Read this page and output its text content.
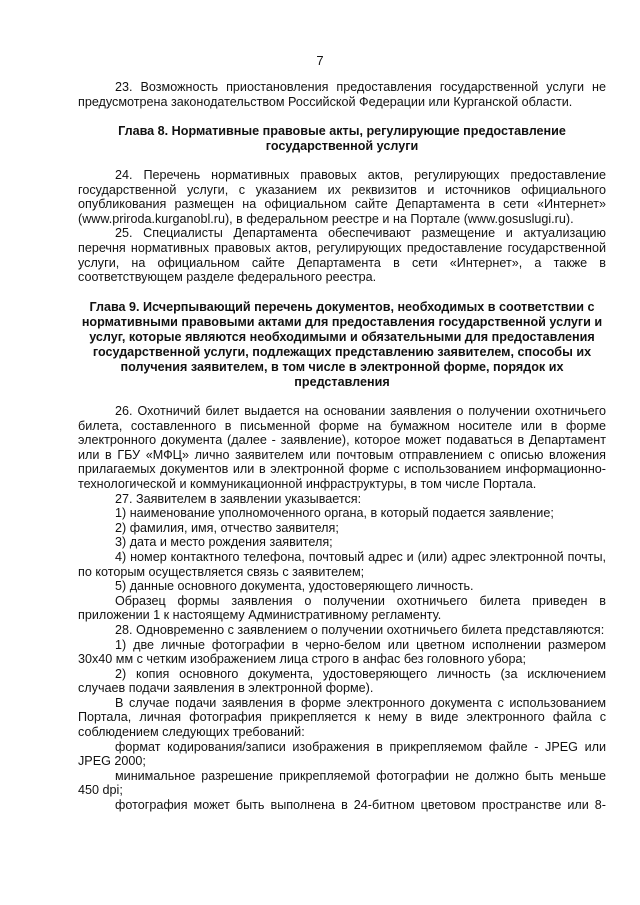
7

23. Возможность приостановления предоставления государственной услуги не предусмотрена законодательством Российской Федерации или Курганской области.

Глава 8. Нормативные правовые акты, регулирующие предоставление государственной услуги

24. Перечень нормативных правовых актов, регулирующих предоставление государственной услуги, с указанием их реквизитов и источников официального опубликования размещен на официальном сайте Департамента в сети «Интернет» (www.priroda.kurganobl.ru), в федеральном реестре и на Портале (www.gosuslugi.ru).

25. Специалисты Департамента обеспечивают размещение и актуализацию перечня нормативных правовых актов, регулирующих предоставление государственной услуги, на официальном сайте Департамента в сети «Интернет», а также в соответствующем разделе федерального реестра.

Глава 9. Исчерпывающий перечень документов, необходимых в соответствии с нормативными правовыми актами для предоставления государственной услуги и услуг, которые являются необходимыми и обязательными для предоставления государственной услуги, подлежащих представлению заявителем, способы их получения заявителем, в том числе в электронной форме, порядок их представления

26. Охотничий билет выдается на основании заявления о получении охотничьего билета, составленного в письменной форме на бумажном носителе или в форме электронного документа (далее - заявление), которое может подаваться в Департамент или в ГБУ «МФЦ» лично заявителем или почтовым отправлением с описью вложения прилагаемых документов или в электронной форме с использованием информационно-технологической и коммуникационной инфраструктуры, в том числе Портала.

27. Заявителем в заявлении указывается:

1) наименование уполномоченного органа, в который подается заявление;

2) фамилия, имя, отчество заявителя;

3) дата и место рождения заявителя;

4) номер контактного телефона, почтовый адрес и (или) адрес электронной почты, по которым осуществляется связь с заявителем;

5) данные основного документа, удостоверяющего личность.

Образец формы заявления о получении охотничьего билета приведен в приложении 1 к настоящему Административному регламенту.

28. Одновременно с заявлением о получении охотничьего билета представляются:

1) две личные фотографии в черно-белом или цветном исполнении размером 30х40 мм с четким изображением лица строго в анфас без головного убора;

2) копия основного документа, удостоверяющего личность (за исключением случаев подачи заявления в электронной форме).

В случае подачи заявления в форме электронного документа с использованием Портала, личная фотография прикрепляется к нему в виде электронного файла с соблюдением следующих требований:

формат кодирования/записи изображения в прикрепляемом файле - JPEG или JPEG 2000;

минимальное разрешение прикрепляемой фотографии не должно быть меньше 450 dpi;

фотография может быть выполнена в 24-битном цветовом пространстве или 8-
